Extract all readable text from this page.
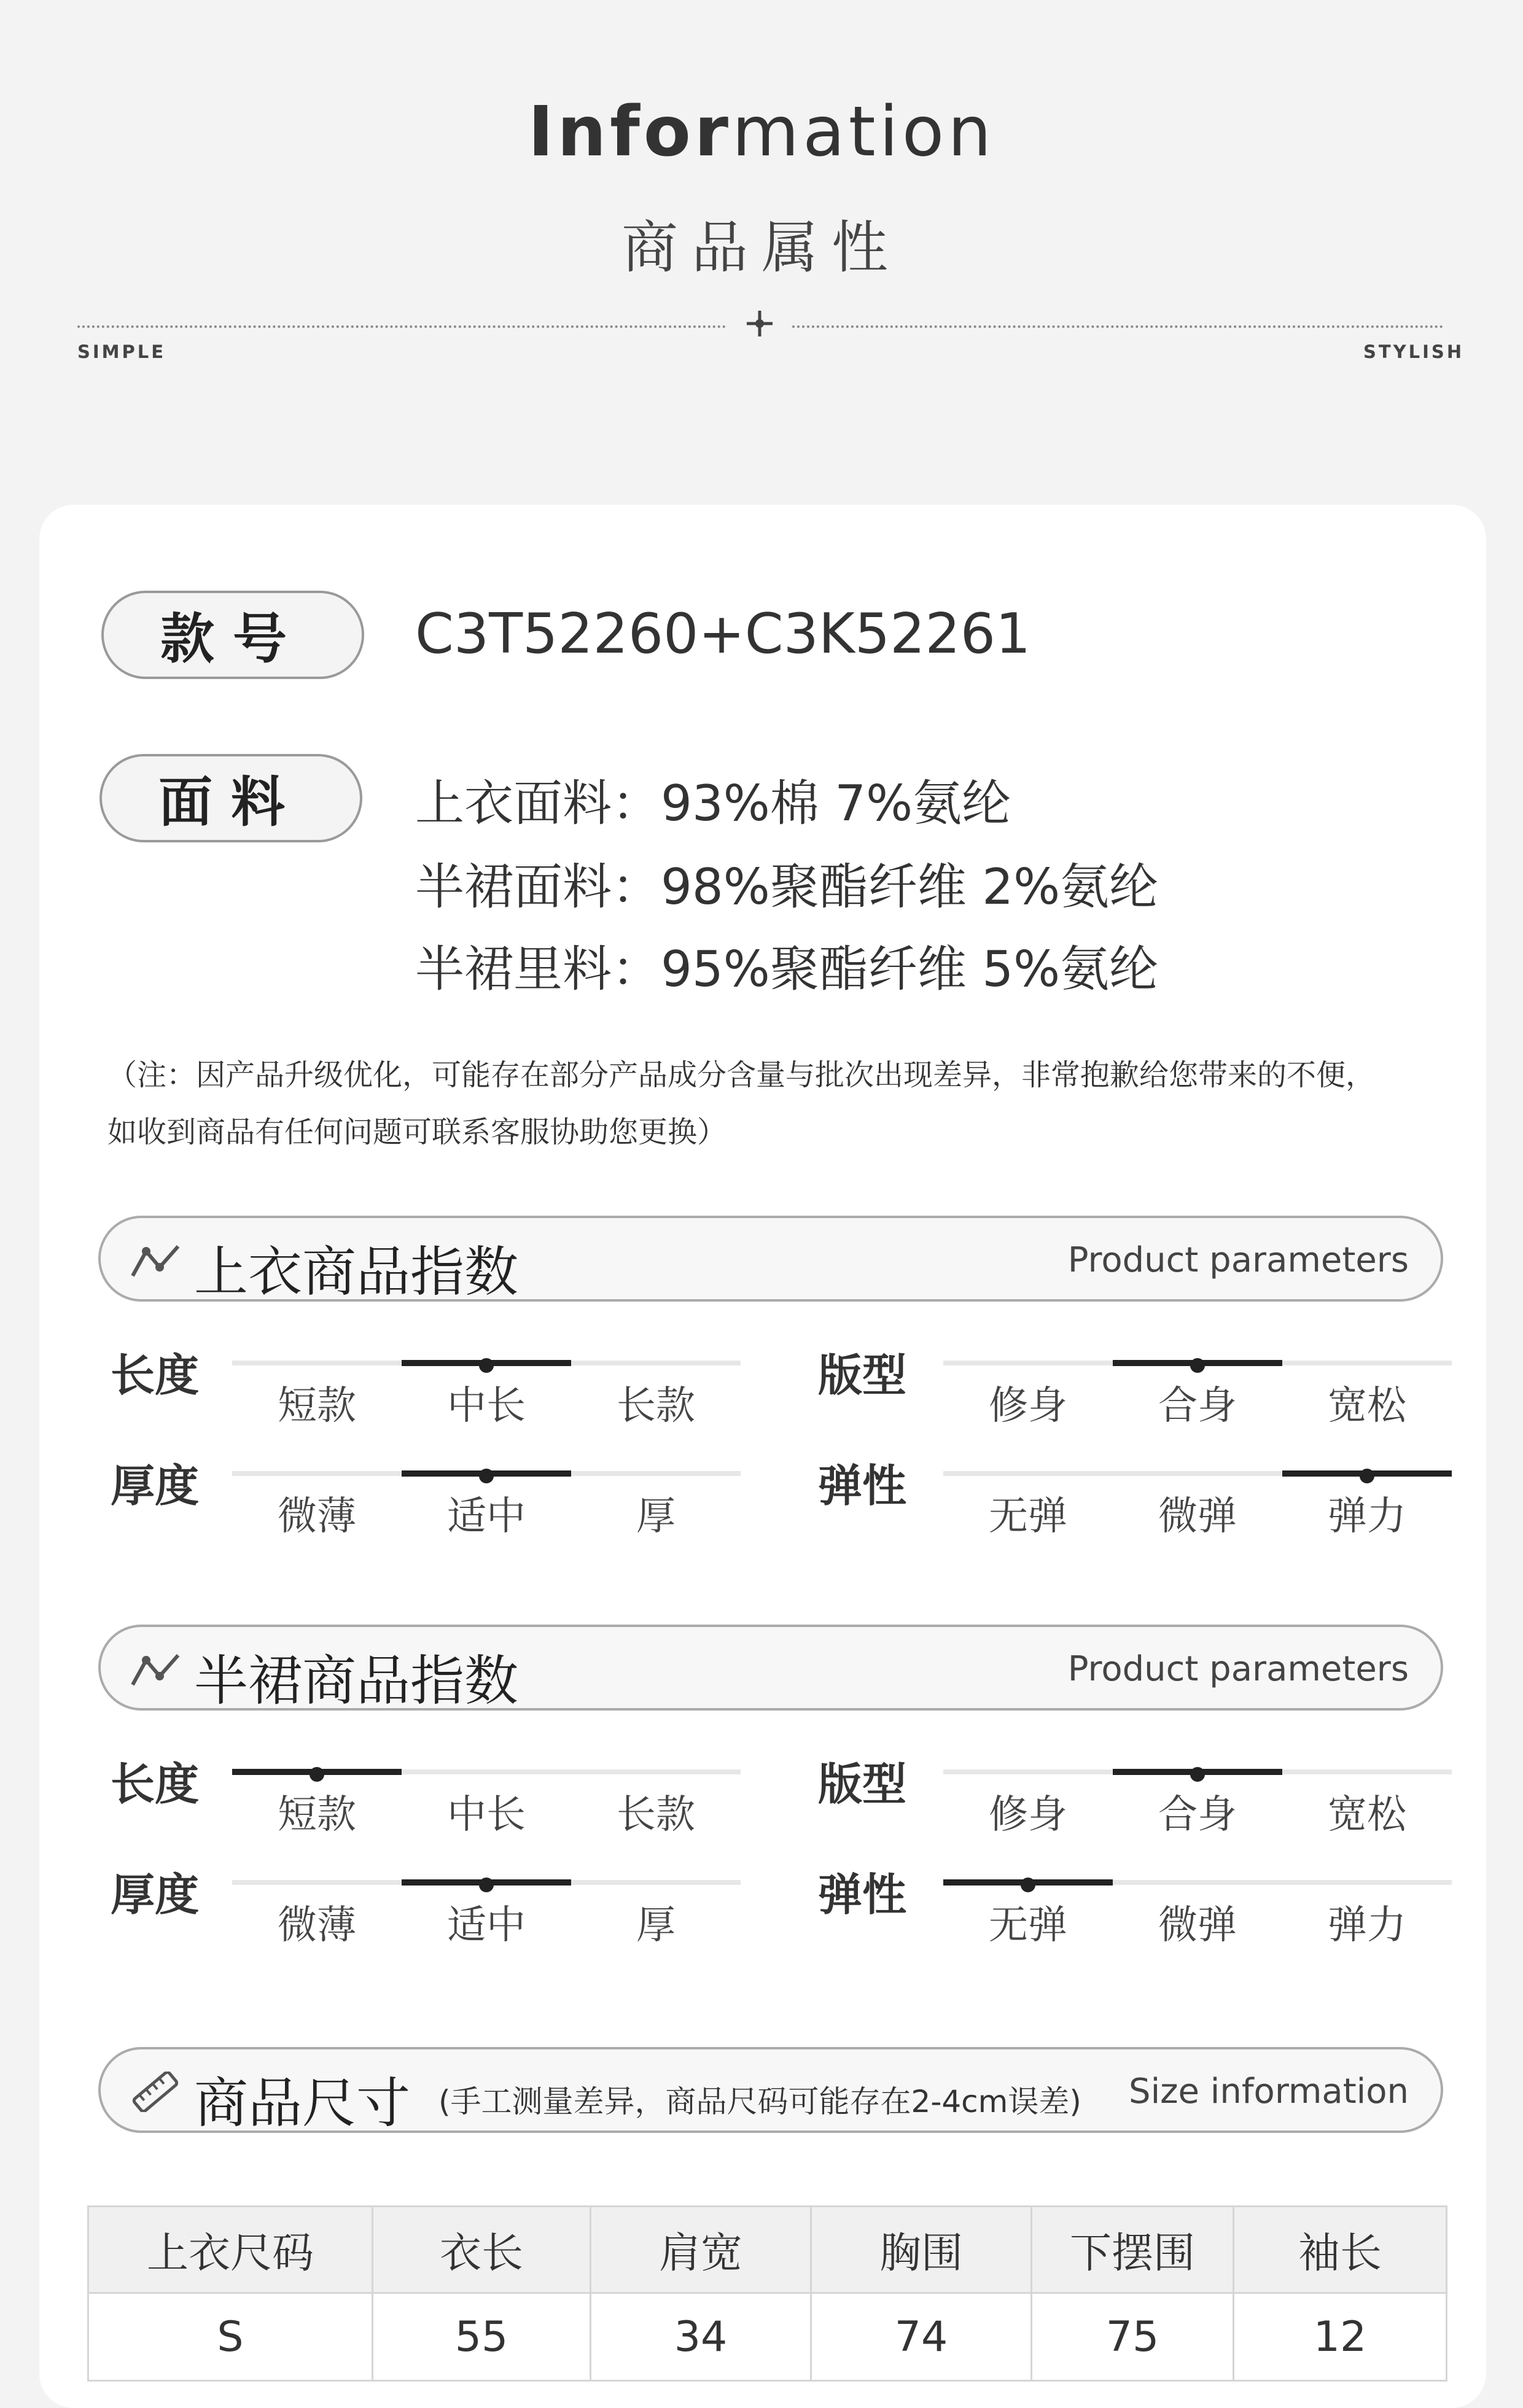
Information
商品属性
SIMPLE	STYLISH
款号	C3T52260+C3K52261
面料	上衣面料：93%棉 7%氨纶
半裙面料：98%聚酯纤维 2%氨纶
半裙里料：95%聚酯纤维 5%氨纶
（注：因产品升级优化，可能存在部分产品成分含量与批次出现差异，非常抱歉给您带来的不便，
如收到商品有任何问题可联系客服协助您更换）
上衣商品指数	Product parameters
长度
短款	中长	长款
版型
修身	合身	宽松
厚度
微薄	适中	厚
弹性
无弹	微弹	弹力
半裙商品指数	Product parameters
长度
短款	中长	长款
版型
修身	合身	宽松
厚度
微薄	适中	厚
弹性
无弹	微弹	弹力
商品尺寸 (手工测量差异，商品尺码可能存在2-4cm误差) Size information
上衣尺码	衣长	肩宽	胸围	下摆围	袖长
S	55	34	74	75	12
